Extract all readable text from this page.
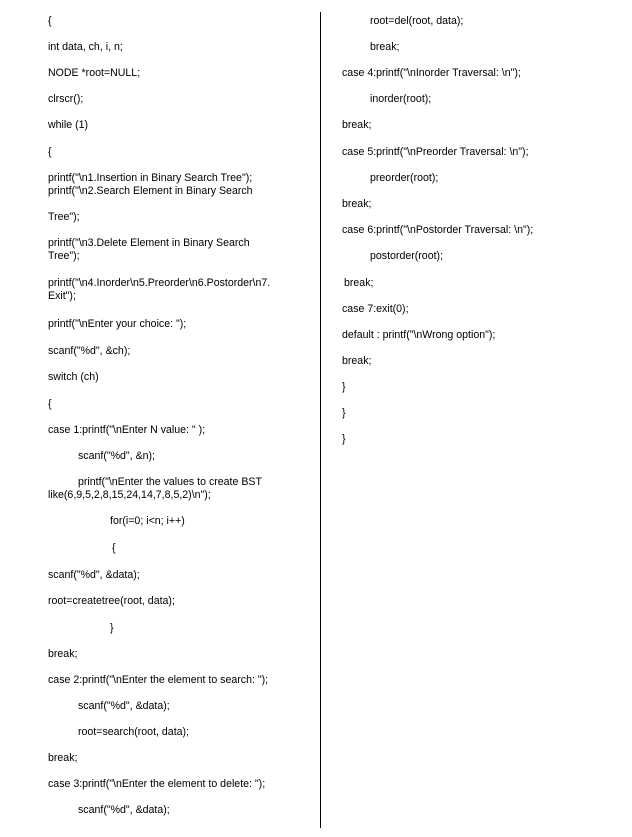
{
int data, ch, i, n;
NODE *root=NULL;
clrscr();
while (1)
{
printf("\n1.Insertion in Binary Search Tree");
printf("\n2.Search Element in Binary Search
Tree");
printf("\n3.Delete Element in Binary Search
Tree");
printf("\n4.Inorder\n5.Preorder\n6.Postorder\n7.
Exit");
printf("\nEnter your choice: ");
scanf("%d", &ch);
switch (ch)
{
case 1:printf("\nEnter N value: " );
scanf("%d", &n);
printf("\nEnter the values to create BST
like(6,9,5,2,8,15,24,14,7,8,5,2)\n");
for(i=0; i<n; i++)
{
scanf("%d", &data);
root=createtree(root, data);
}
break;
case 2:printf("\nEnter the element to search: ");
scanf("%d", &data);
root=search(root, data);
break;
case 3:printf("\nEnter the element to delete: ");
scanf("%d", &data);
root=del(root, data);
break;
case 4:printf("\nInorder Traversal: \n");
inorder(root);
break;
case 5:printf("\nPreorder Traversal: \n");
preorder(root);
break;
case 6:printf("\nPostorder Traversal: \n");
postorder(root);
break;
case 7:exit(0);
default : printf("\nWrong option");
break;
}
}
}
